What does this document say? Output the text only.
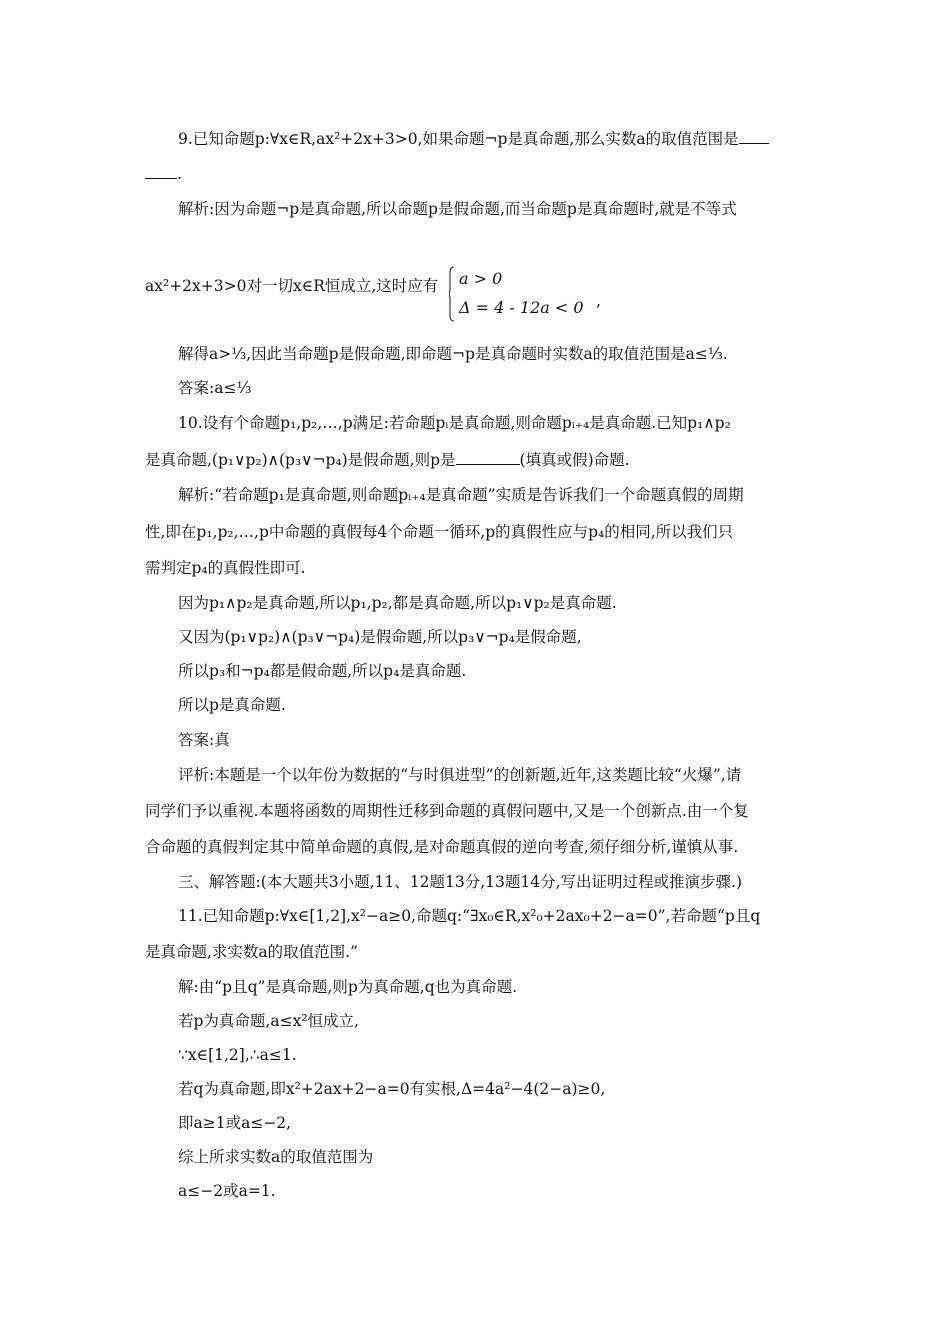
9.已知命题p:∀x∈R,ax²+2x+3>0,如果命题¬p是真命题,那么实数a的取值范围是
.
解析:因为命题¬p是真命题,所以命题p是假命题,而当命题p是真命题时,就是不等式
ax²+2x+3>0对一切x∈R恒成立,这时应有 a > 0
Δ = 4 - 12a < 0 ,
解得a>⅓,因此当命题p是假命题,即命题¬p是真命题时实数a的取值范围是a≤⅓.
答案:a≤⅓
10.设有个命题p₁,p₂,…,p满足:若命题pᵢ是真命题,则命题pᵢ₊₄是真命题.已知p₁∧p₂
是真命题,(p₁∨p₂)∧(p₃∨¬p₄)是假命题,则p是	(填真或假)命题.
解析:“若命题p₁是真命题,则命题pᵢ₊₄是真命题”实质是告诉我们一个命题真假的周期
性,即在p₁,p₂,…,p中命题的真假每4个命题一循环,p的真假性应与p₄的相同,所以我们只
需判定p₄的真假性即可.
因为p₁∧p₂是真命题,所以p₁,p₂,都是真命题,所以p₁∨p₂是真命题.
又因为(p₁∨p₂)∧(p₃∨¬p₄)是假命题,所以p₃∨¬p₄是假命题,
所以p₃和¬p₄都是假命题,所以p₄是真命题.
所以p是真命题.
答案:真
评析:本题是一个以年份为数据的“与时俱进型”的创新题,近年,这类题比较“火爆”,请
同学们予以重视.本题将函数的周期性迁移到命题的真假问题中,又是一个创新点.由一个复
合命题的真假判定其中简单命题的真假,是对命题真假的逆向考查,须仔细分析,谨慎从事.
三、解答题:(本大题共3小题,11、12题13分,13题14分,写出证明过程或推演步骤.)
11.已知命题p:∀x∈[1,2],x²−a≥0,命题q:“∃x₀∈R,x²₀+2ax₀+2−a=0”,若命题“p且q
是真命题,求实数a的取值范围.”
解:由“p且q”是真命题,则p为真命题,q也为真命题.
若p为真命题,a≤x²恒成立,
∵x∈[1,2],∴a≤1.
若q为真命题,即x²+2ax+2−a=0有实根,Δ=4a²−4(2−a)≥0,
即a≥1或a≤−2,
综上所求实数a的取值范围为
a≤−2或a=1.
